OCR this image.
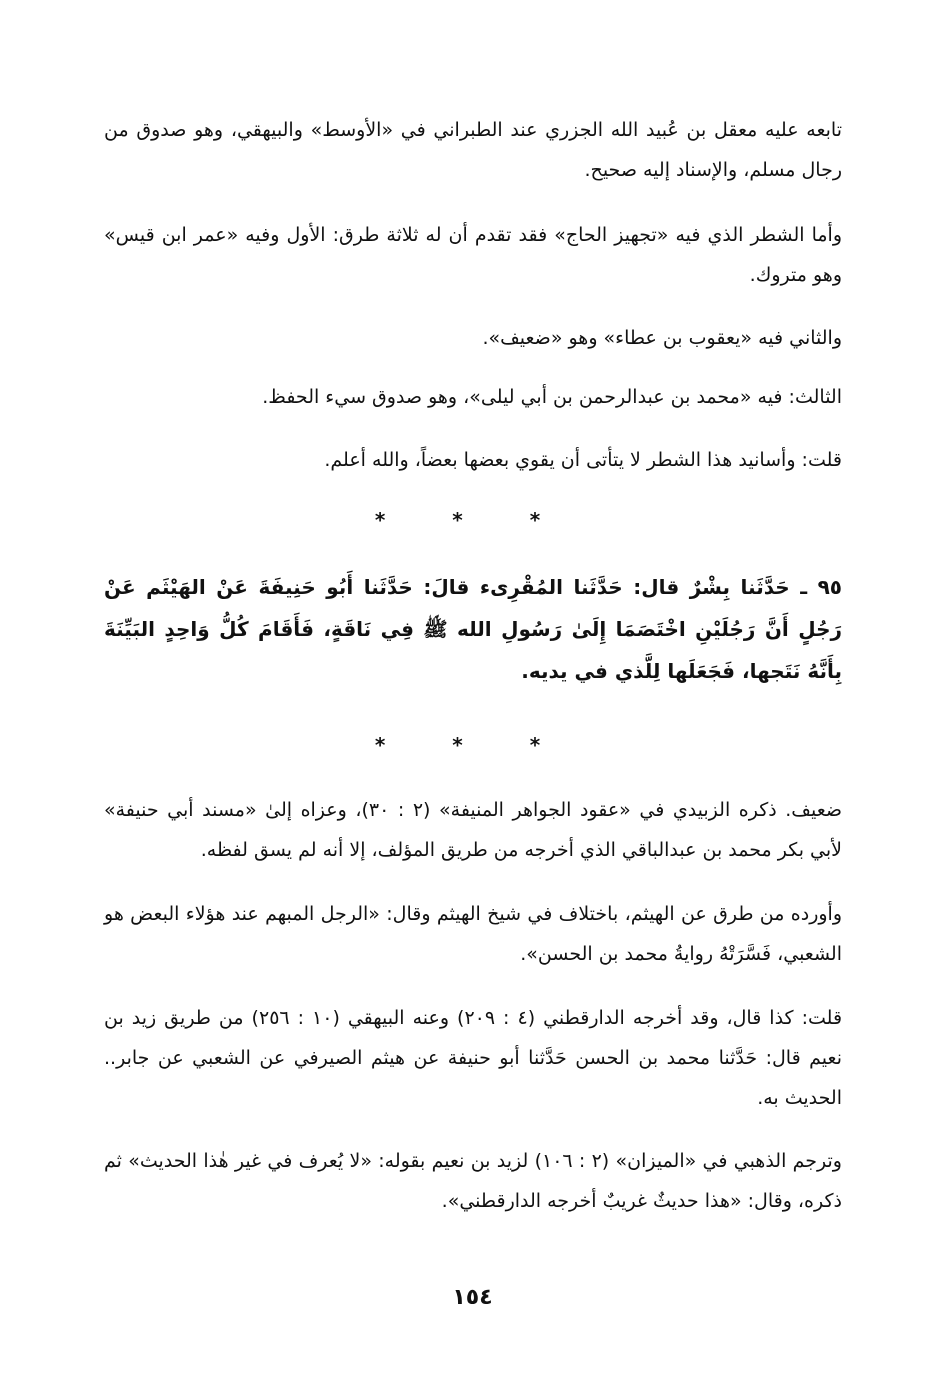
تابعه عليه معقل بن عُبيد الله الجزري عند الطبراني في «الأوسط» والبيهقي، وهو صدوق من رجال مسلم، والإسناد إليه صحيح.

وأما الشطر الذي فيه «تجهيز الحاج» فقد تقدم أن له ثلاثة طرق: الأول وفيه «عمر ابن قيس» وهو متروك.

والثاني فيه «يعقوب بن عطاء» وهو «ضعيف».

الثالث: فيه «محمد بن عبدالرحمن بن أبي ليلى»، وهو صدوق سيء الحفظ.

قلت: وأسانيد هذا الشطر لا يتأتى أن يقوي بعضها بعضاً، والله أعلم.

* * *

٩٥ ـ حَدَّثَنا بِشْرٌ قال: حَدَّثَنا المُقْرِىء قالَ: حَدَّثَنا أَبُو حَنِيفَةَ عَنْ الهَيْثَم عَنْ رَجُلٍ أَنَّ رَجُلَيْنِ اخْتَصَمَا إِلَىٰ رَسُولِ الله ﷺ فِي نَاقَةٍ، فَأَقَامَ كُلُّ وَاحِدٍ البَيِّنَةَ بِأَنَّهُ نَتَجها، فَجَعَلَها لِلَّذي في يديه.

* * *

ضعيف. ذكره الزبيدي في «عقود الجواهر المنيفة» (٢ : ٣٠)، وعزاه إلىٰ «مسند أبي حنيفة» لأبي بكر محمد بن عبدالباقي الذي أخرجه من طريق المؤلف، إلا أنه لم يسق لفظه.

وأورده من طرق عن الهيثم، باختلاف في شيخ الهيثم وقال: «الرجل المبهم عند هؤلاء البعض هو الشعبي، فَسَّرَتْهُ روايةُ محمد بن الحسن».

قلت: كذا قال، وقد أخرجه الدارقطني (٤ : ٢٠٩) وعنه البيهقي (١٠ : ٢٥٦) من طريق زيد بن نعيم قال: حَدَّثنا محمد بن الحسن حَدَّثنا أبو حنيفة عن هيثم الصيرفي عن الشعبي عن جابر.. الحديث به.

وترجم الذهبي في «الميزان» (٢ : ١٠٦) لزيد بن نعيم بقوله: «لا يُعرف في غير هٰذا الحديث» ثم ذكره، وقال: «هذا حديثٌ غريبٌ أخرجه الدارقطني».

١٥٤
